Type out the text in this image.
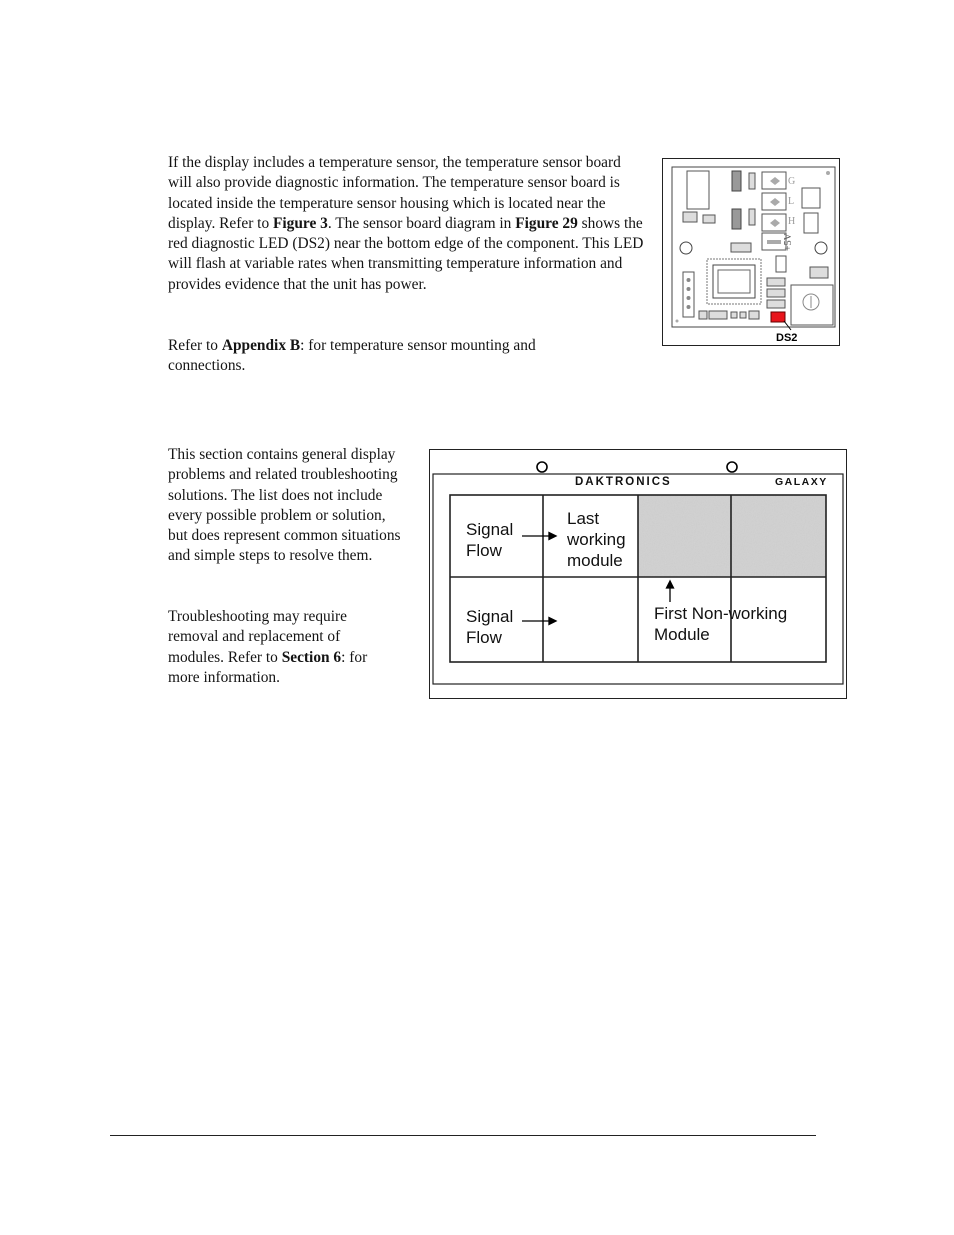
If the display includes a temperature sensor, the temperature sensor board will also provide diagnostic information. The temperature sensor board is located inside the temperature sensor housing which is located near the display. Refer to Figure 3. The sensor board diagram in Figure 29 shows the red diagnostic LED (DS2) near the bottom edge of the component. This LED will flash at variable rates when transmitting temperature information and provides evidence that the unit has power.

Refer to Appendix B: for temperature sensor mounting and connections.

This section contains general display problems and related troubleshooting solutions. The list does not include every possible problem or solution, but does represent common situations and simple steps to resolve them.

Troubleshooting may require removal and replacement of modules. Refer to Section 6: for more information.

G
L
H
+5V
DS2
DAKTRONICS	GALAXY

Signal
Flow

Last
working
module

Signal
Flow

First Non-working
Module
